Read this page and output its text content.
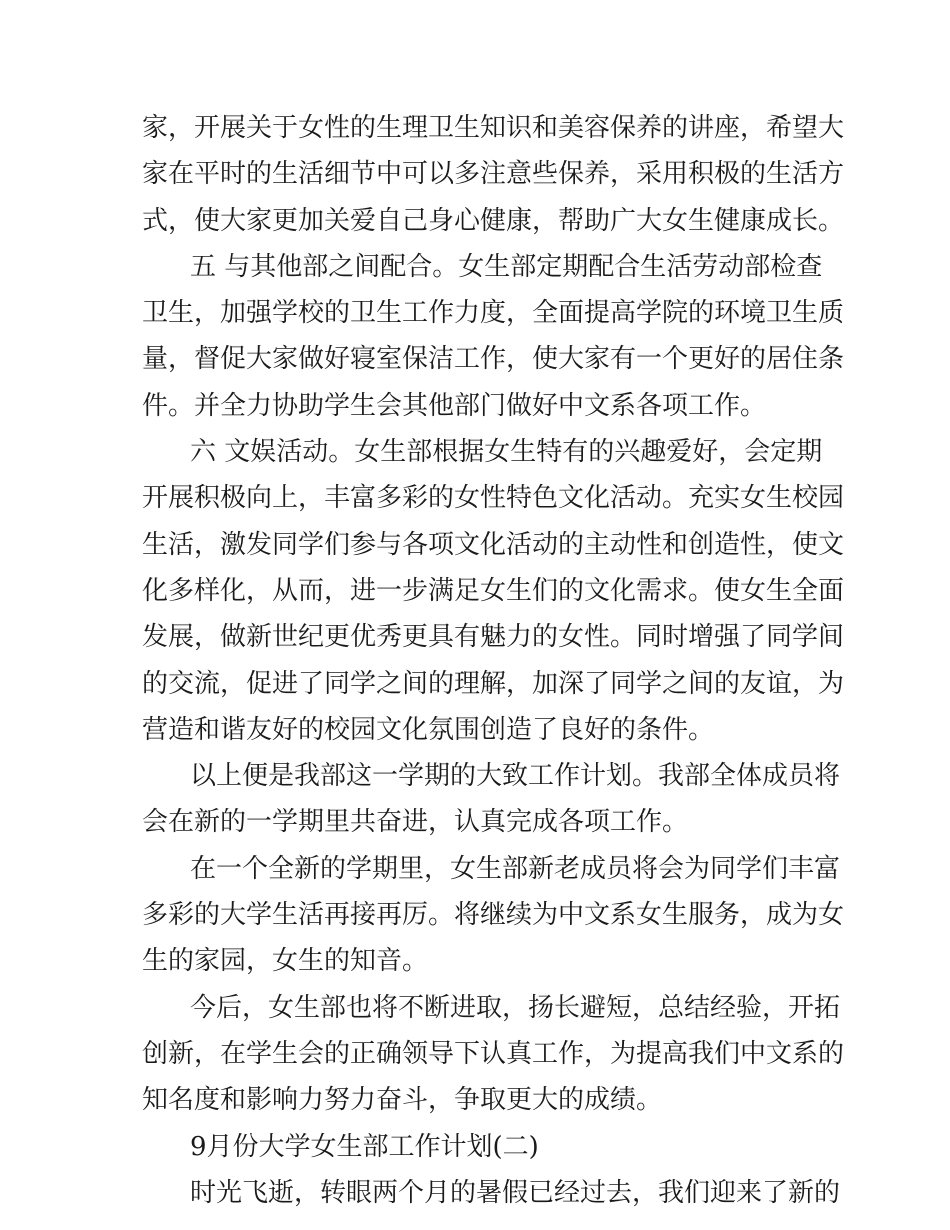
家，开展关于女性的生理卫生知识和美容保养的讲座，希望大
家在平时的生活细节中可以多注意些保养，采用积极的生活方
式，使大家更加关爱自己身心健康，帮助广大女生健康成长。
五 与其他部之间配合。女生部定期配合生活劳动部检查
卫生，加强学校的卫生工作力度，全面提高学院的环境卫生质
量，督促大家做好寝室保洁工作，使大家有一个更好的居住条
件。并全力协助学生会其他部门做好中文系各项工作。
六 文娱活动。女生部根据女生特有的兴趣爱好，会定期
开展积极向上，丰富多彩的女性特色文化活动。充实女生校园
生活，激发同学们参与各项文化活动的主动性和创造性，使文
化多样化，从而，进一步满足女生们的文化需求。使女生全面
发展，做新世纪更优秀更具有魅力的女性。同时增强了同学间
的交流，促进了同学之间的理解，加深了同学之间的友谊，为
营造和谐友好的校园文化氛围创造了良好的条件。
以上便是我部这一学期的大致工作计划。我部全体成员将
会在新的一学期里共奋进，认真完成各项工作。
在一个全新的学期里，女生部新老成员将会为同学们丰富
多彩的大学生活再接再厉。将继续为中文系女生服务，成为女
生的家园，女生的知音。
今后，女生部也将不断进取，扬长避短，总结经验，开拓
创新，在学生会的正确领导下认真工作，为提高我们中文系的
知名度和影响力努力奋斗，争取更大的成绩。
9月份大学女生部工作计划(二)
时光飞逝，转眼两个月的暑假已经过去，我们迎来了新的
